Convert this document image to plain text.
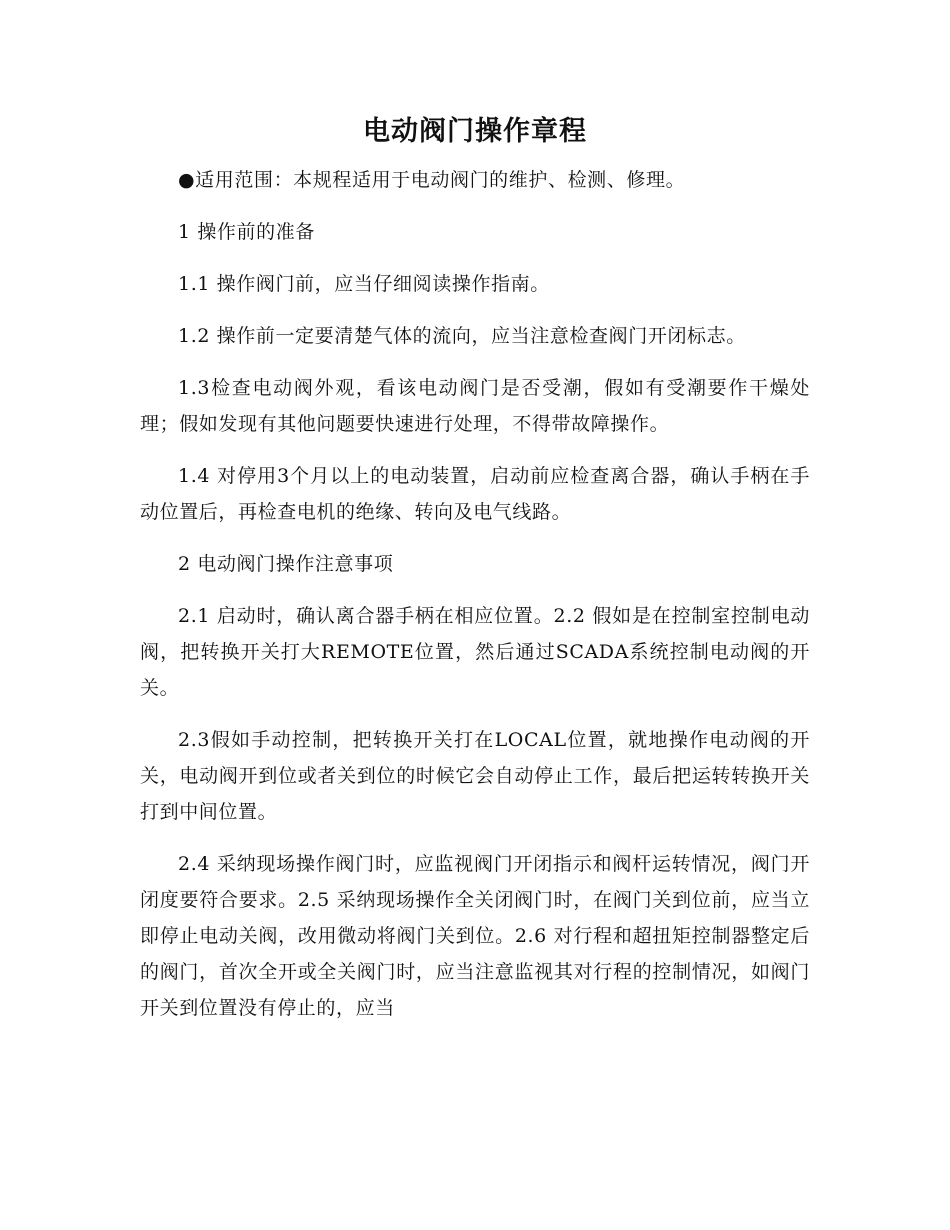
电动阀门操作章程

●适用范围：本规程适用于电动阀门的维护、检测、修理。

1 操作前的准备

1.1 操作阀门前，应当仔细阅读操作指南。

1.2 操作前一定要清楚气体的流向，应当注意检查阀门开闭标志。

1.3检查电动阀外观，看该电动阀门是否受潮，假如有受潮要作干燥处理；假如发现有其他问题要快速进行处理，不得带故障操作。

1.4 对停用3个月以上的电动装置，启动前应检查离合器，确认手柄在手动位置后，再检查电机的绝缘、转向及电气线路。

2 电动阀门操作注意事项

2.1 启动时，确认离合器手柄在相应位置。2.2 假如是在控制室控制电动阀，把转换开关打大REMOTE位置，然后通过SCADA系统控制电动阀的开关。

2.3假如手动控制，把转换开关打在LOCAL位置，就地操作电动阀的开关，电动阀开到位或者关到位的时候它会自动停止工作，最后把运转转换开关打到中间位置。

2.4 采纳现场操作阀门时，应监视阀门开闭指示和阀杆运转情况，阀门开闭度要符合要求。2.5 采纳现场操作全关闭阀门时，在阀门关到位前，应当立即停止电动关阀，改用微动将阀门关到位。2.6 对行程和超扭矩控制器整定后的阀门，首次全开或全关阀门时，应当注意监视其对行程的控制情况，如阀门开关到位置没有停止的，应当
